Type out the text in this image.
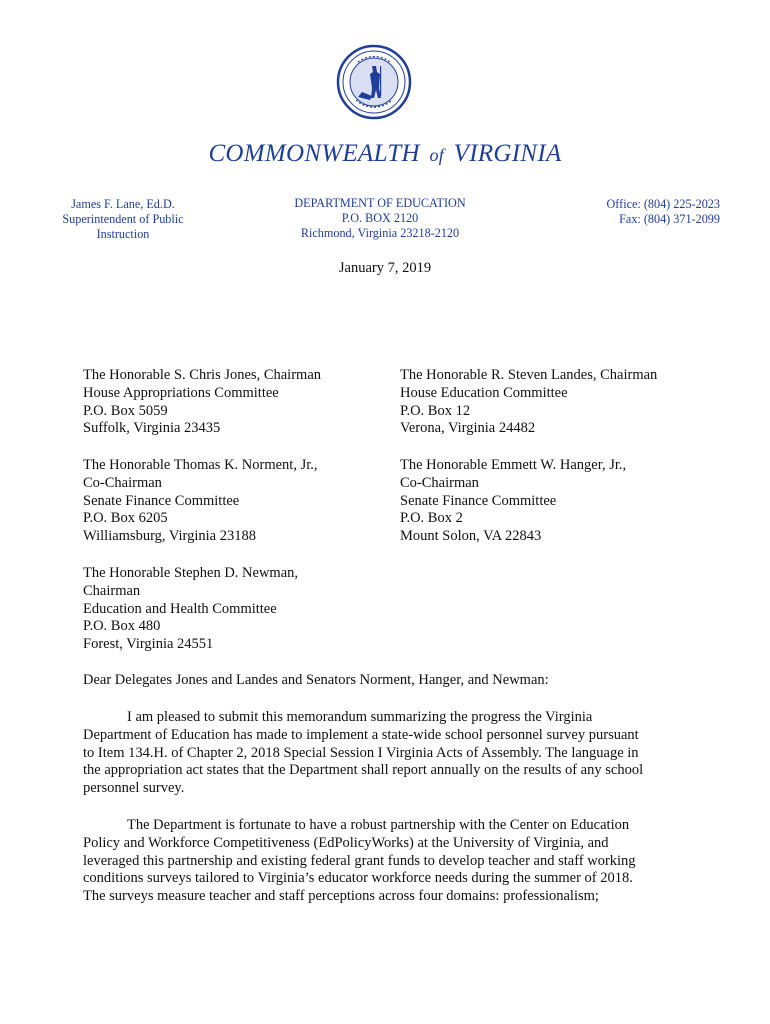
COMMONWEALTH of VIRGINIA
James F. Lane, Ed.D.
Superintendent of Public Instruction
DEPARTMENT OF EDUCATION
P.O. BOX 2120
Richmond, Virginia 23218-2120
Office: (804) 225-2023
Fax: (804) 371-2099
January 7, 2019
The Honorable S. Chris Jones, Chairman
House Appropriations Committee
P.O. Box 5059
Suffolk, Virginia 23435
The Honorable R. Steven Landes, Chairman
House Education Committee
P.O. Box 12
Verona, Virginia 24482
The Honorable Thomas K. Norment, Jr.,
Co-Chairman
Senate Finance Committee
P.O. Box 6205
Williamsburg, Virginia 23188
The Honorable Emmett W. Hanger, Jr.,
Co-Chairman
Senate Finance Committee
P.O. Box 2
Mount Solon, VA 22843
The Honorable Stephen D. Newman,
Chairman
Education and Health Committee
P.O. Box 480
Forest, Virginia 24551
Dear Delegates Jones and Landes and Senators Norment, Hanger, and Newman:
I am pleased to submit this memorandum summarizing the progress the Virginia
Department of Education has made to implement a state-wide school personnel survey pursuant
to Item 134.H. of Chapter 2, 2018 Special Session I Virginia Acts of Assembly. The language in
the appropriation act states that the Department shall report annually on the results of any school
personnel survey.
The Department is fortunate to have a robust partnership with the Center on Education
Policy and Workforce Competitiveness (EdPolicyWorks) at the University of Virginia, and
leveraged this partnership and existing federal grant funds to develop teacher and staff working
conditions surveys tailored to Virginia’s educator workforce needs during the summer of 2018.
The surveys measure teacher and staff perceptions across four domains: professionalism;
